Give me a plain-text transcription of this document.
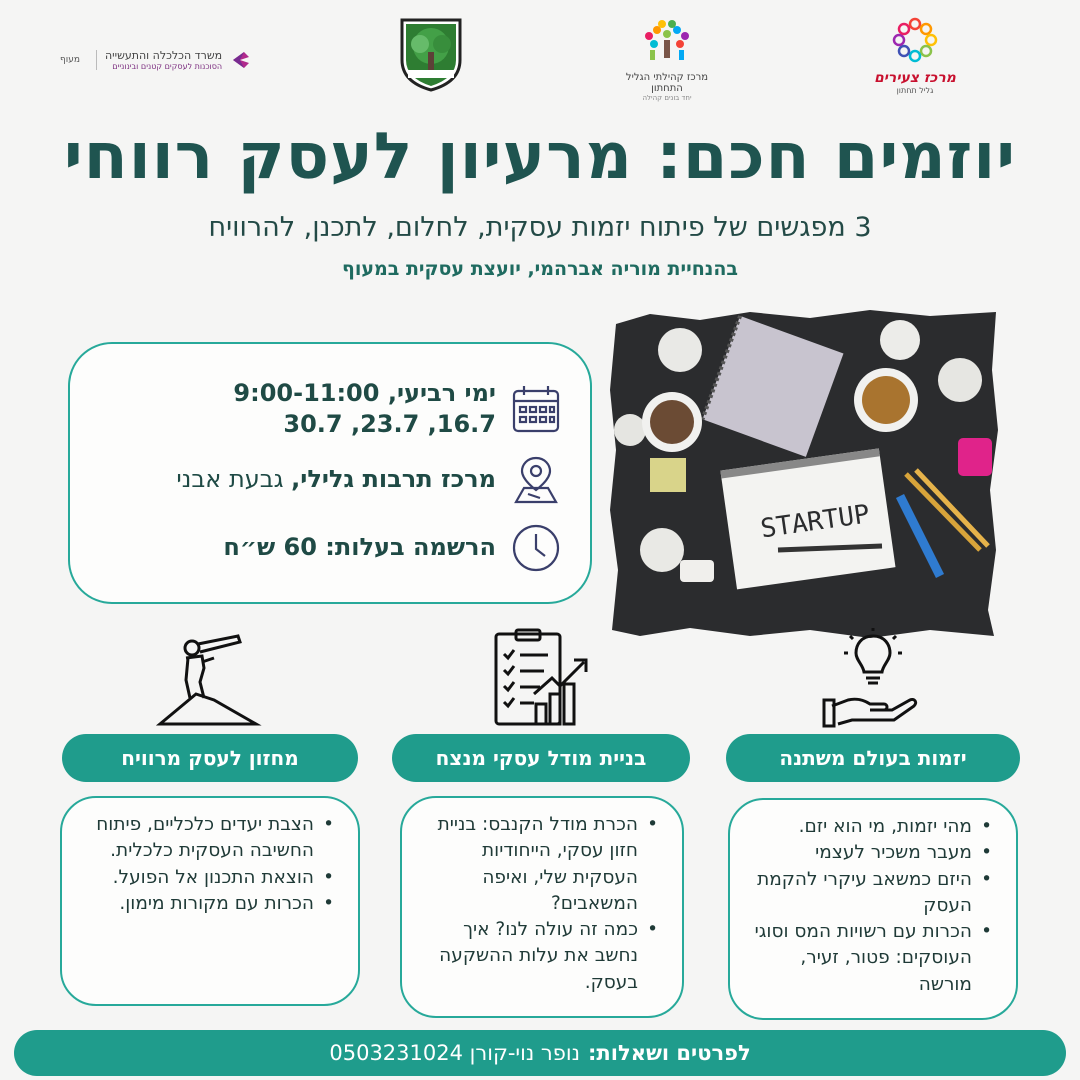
משרד הכלכלה והתעשייה
הסוכנות לעסקים קטנים ובינוניים
מעוף
מרכז קהילתי הגליל התחתון
יחד בונים קהילה
מרכז צעירים
גליל תחתון
יוזמים חכם: מרעיון לעסק רווחי
3 מפגשים של פיתוח יזמות עסקית, לחלום, לתכנן, להרוויח
בהנחיית מוריה אברהמי, יועצת עסקית במעוף
ימי רביעי, 9:00-11:00
16.7, 23.7, 30.7
מרכז תרבות גלילי, גבעת אבני
הרשמה בעלות: 60 ש״ח
STARTUP
יזמות בעולם משתנה
בניית מודל עסקי מנצח
מחזון לעסק מרוויח
• מהי יזמות, מי הוא יזם.
• מעבר משכיר לעצמי
• היזם כמשאב עיקרי להקמת העסק
• הכרות עם רשויות המס וסוגי העוסקים: פטור, זעיר, מורשה
• הכרת מודל הקנבס: בניית חזון עסקי, הייחודיות העסקית שלי, ואיפה המשאבים?
• כמה זה עולה לנו? איך נחשב את עלות ההשקעה בעסק.
• הצבת יעדים כלכליים, פיתוח החשיבה העסקית כלכלית.
• הוצאת התכנון אל הפועל.
• הכרות עם מקורות מימון.
לפרטים ושאלות:
נופר נוי-קורן 0503231024
